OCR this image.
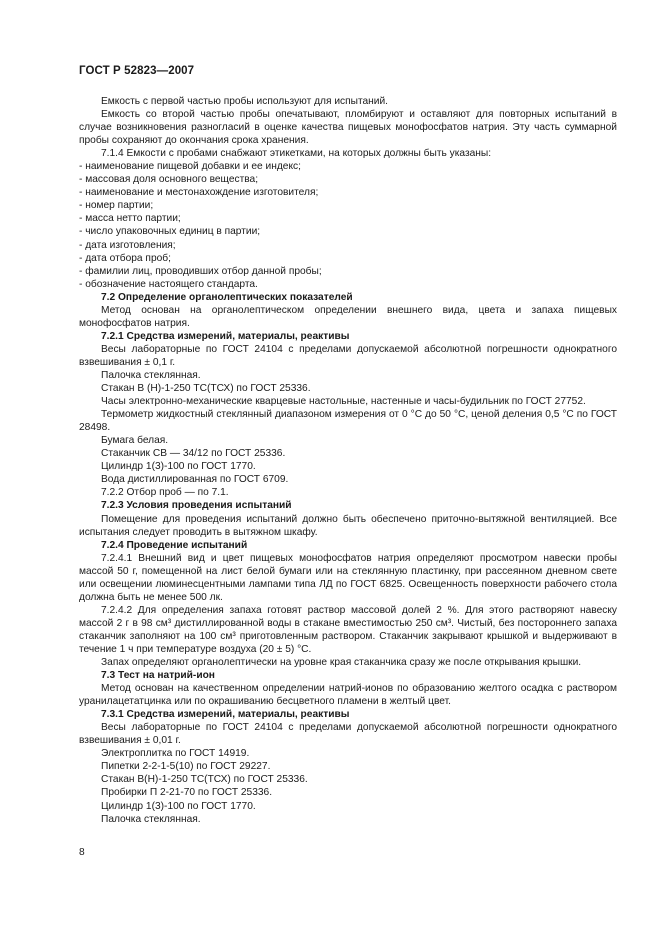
ГОСТ Р 52823—2007

Емкость с первой частью пробы используют для испытаний.

Емкость со второй частью пробы опечатывают, пломбируют и оставляют для повторных испытаний в случае возникновения разногласий в оценке качества пищевых монофосфатов натрия. Эту часть суммарной пробы сохраняют до окончания срока хранения.

7.1.4 Емкости с пробами снабжают этикетками, на которых должны быть указаны:

- наименование пищевой добавки и ее индекс;

- массовая доля основного вещества;

- наименование и местонахождение изготовителя;

- номер партии;

- масса нетто партии;

- число упаковочных единиц в партии;

- дата изготовления;

- дата отбора проб;

- фамилии лиц, проводивших отбор данной пробы;

- обозначение настоящего стандарта.

7.2 Определение органолептических показателей

Метод основан на органолептическом определении внешнего вида, цвета и запаха пищевых монофосфатов натрия.

7.2.1 Средства измерений, материалы, реактивы

Весы лабораторные по ГОСТ 24104 с пределами допускаемой абсолютной погрешности однократного взвешивания ± 0,1 г.

Палочка стеклянная.

Стакан В (Н)-1-250 ТС(ТСХ) по ГОСТ 25336.

Часы электронно-механические кварцевые настольные, настенные и часы-будильник по ГОСТ 27752.

Термометр жидкостный стеклянный диапазоном измерения от 0 °С до 50 °С, ценой деления 0,5 °С по ГОСТ 28498.

Бумага белая.

Стаканчик СВ — 34/12 по ГОСТ 25336.

Цилиндр 1(3)-100 по ГОСТ 1770.

Вода дистиллированная по ГОСТ 6709.

7.2.2 Отбор проб — по 7.1.

7.2.3 Условия проведения испытаний

Помещение для проведения испытаний должно быть обеспечено приточно-вытяжной вентиляцией. Все испытания следует проводить в вытяжном шкафу.

7.2.4 Проведение испытаний

7.2.4.1 Внешний вид и цвет пищевых монофосфатов натрия определяют просмотром навески пробы массой 50 г, помещенной на лист белой бумаги или на стеклянную пластинку, при рассеянном дневном свете или освещении люминесцентными лампами типа ЛД по ГОСТ 6825. Освещенность поверхности рабочего стола должна быть не менее 500 лк.

7.2.4.2 Для определения запаха готовят раствор массовой долей 2 %. Для этого растворяют навеску массой 2 г в 98 см³ дистиллированной воды в стакане вместимостью 250 см³. Чистый, без постороннего запаха стаканчик заполняют на 100 см³ приготовленным раствором. Стаканчик закрывают крышкой и выдерживают в течение 1 ч при температуре воздуха (20 ± 5) °С.

Запах определяют органолептически на уровне края стаканчика сразу же после открывания крышки.

7.3 Тест на натрий-ион

Метод основан на качественном определении натрий-ионов по образованию желтого осадка с раствором уранилацетатцинка или по окрашиванию бесцветного пламени в желтый цвет.

7.3.1 Средства измерений, материалы, реактивы

Весы лабораторные по ГОСТ 24104 с пределами допускаемой абсолютной погрешности однократного взвешивания ± 0,01 г.

Электроплитка по ГОСТ 14919.

Пипетки 2-2-1-5(10) по ГОСТ 29227.

Стакан В(Н)-1-250 ТС(ТСХ) по ГОСТ 25336.

Пробирки П 2-21-70 по ГОСТ 25336.

Цилиндр 1(3)-100 по ГОСТ 1770.

Палочка стеклянная.

8
